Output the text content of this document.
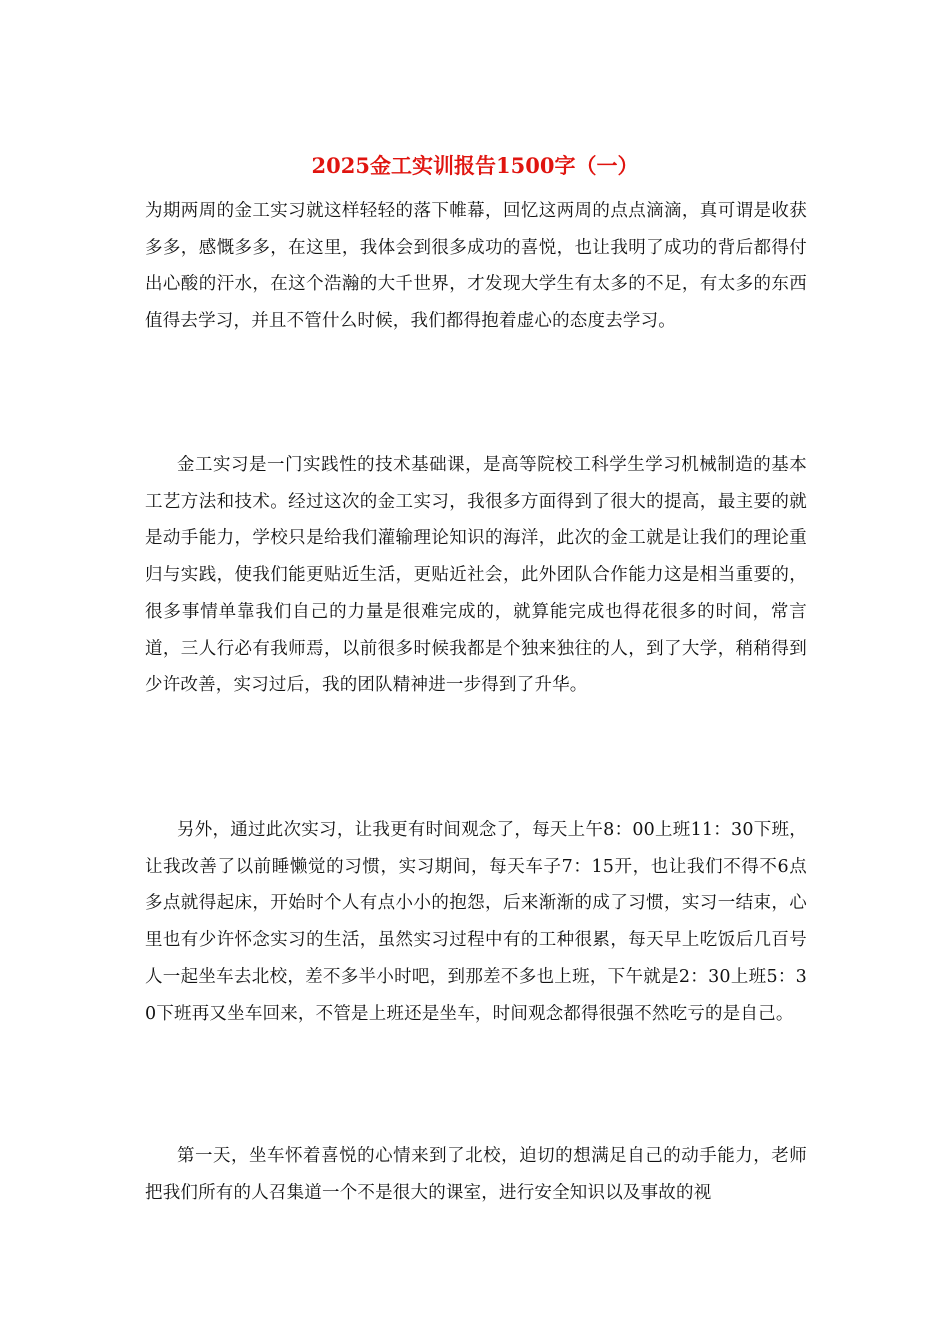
2025金工实训报告1500字（一）

为期两周的金工实习就这样轻轻的落下帷幕，回忆这两周的点点滴滴，真可谓是收获多多，感慨多多，在这里，我体会到很多成功的喜悦，也让我明了成功的背后都得付出心酸的汗水，在这个浩瀚的大千世界，才发现大学生有太多的不足，有太多的东西值得去学习，并且不管什么时候，我们都得抱着虚心的态度去学习。

金工实习是一门实践性的技术基础课，是高等院校工科学生学习机械制造的基本工艺方法和技术。经过这次的金工实习，我很多方面得到了很大的提高，最主要的就是动手能力，学校只是给我们灌输理论知识的海洋，此次的金工就是让我们的理论重归与实践，使我们能更贴近生活，更贴近社会，此外团队合作能力这是相当重要的，很多事情单靠我们自己的力量是很难完成的，就算能完成也得花很多的时间，常言道，三人行必有我师焉，以前很多时候我都是个独来独往的人，到了大学，稍稍得到少许改善，实习过后，我的团队精神进一步得到了升华。

另外，通过此次实习，让我更有时间观念了，每天上午8：00上班11：30下班，让我改善了以前睡懒觉的习惯，实习期间，每天车子7：15开，也让我们不得不6点多点就得起床，开始时个人有点小小的抱怨，后来渐渐的成了习惯，实习一结束，心里也有少许怀念实习的生活，虽然实习过程中有的工种很累，每天早上吃饭后几百号人一起坐车去北校，差不多半小时吧，到那差不多也上班，下午就是2：30上班5：30下班再又坐车回来，不管是上班还是坐车，时间观念都得很强不然吃亏的是自己。

第一天，坐车怀着喜悦的心情来到了北校，迫切的想满足自己的动手能力，老师把我们所有的人召集道一个不是很大的课室，进行安全知识以及事故的视
